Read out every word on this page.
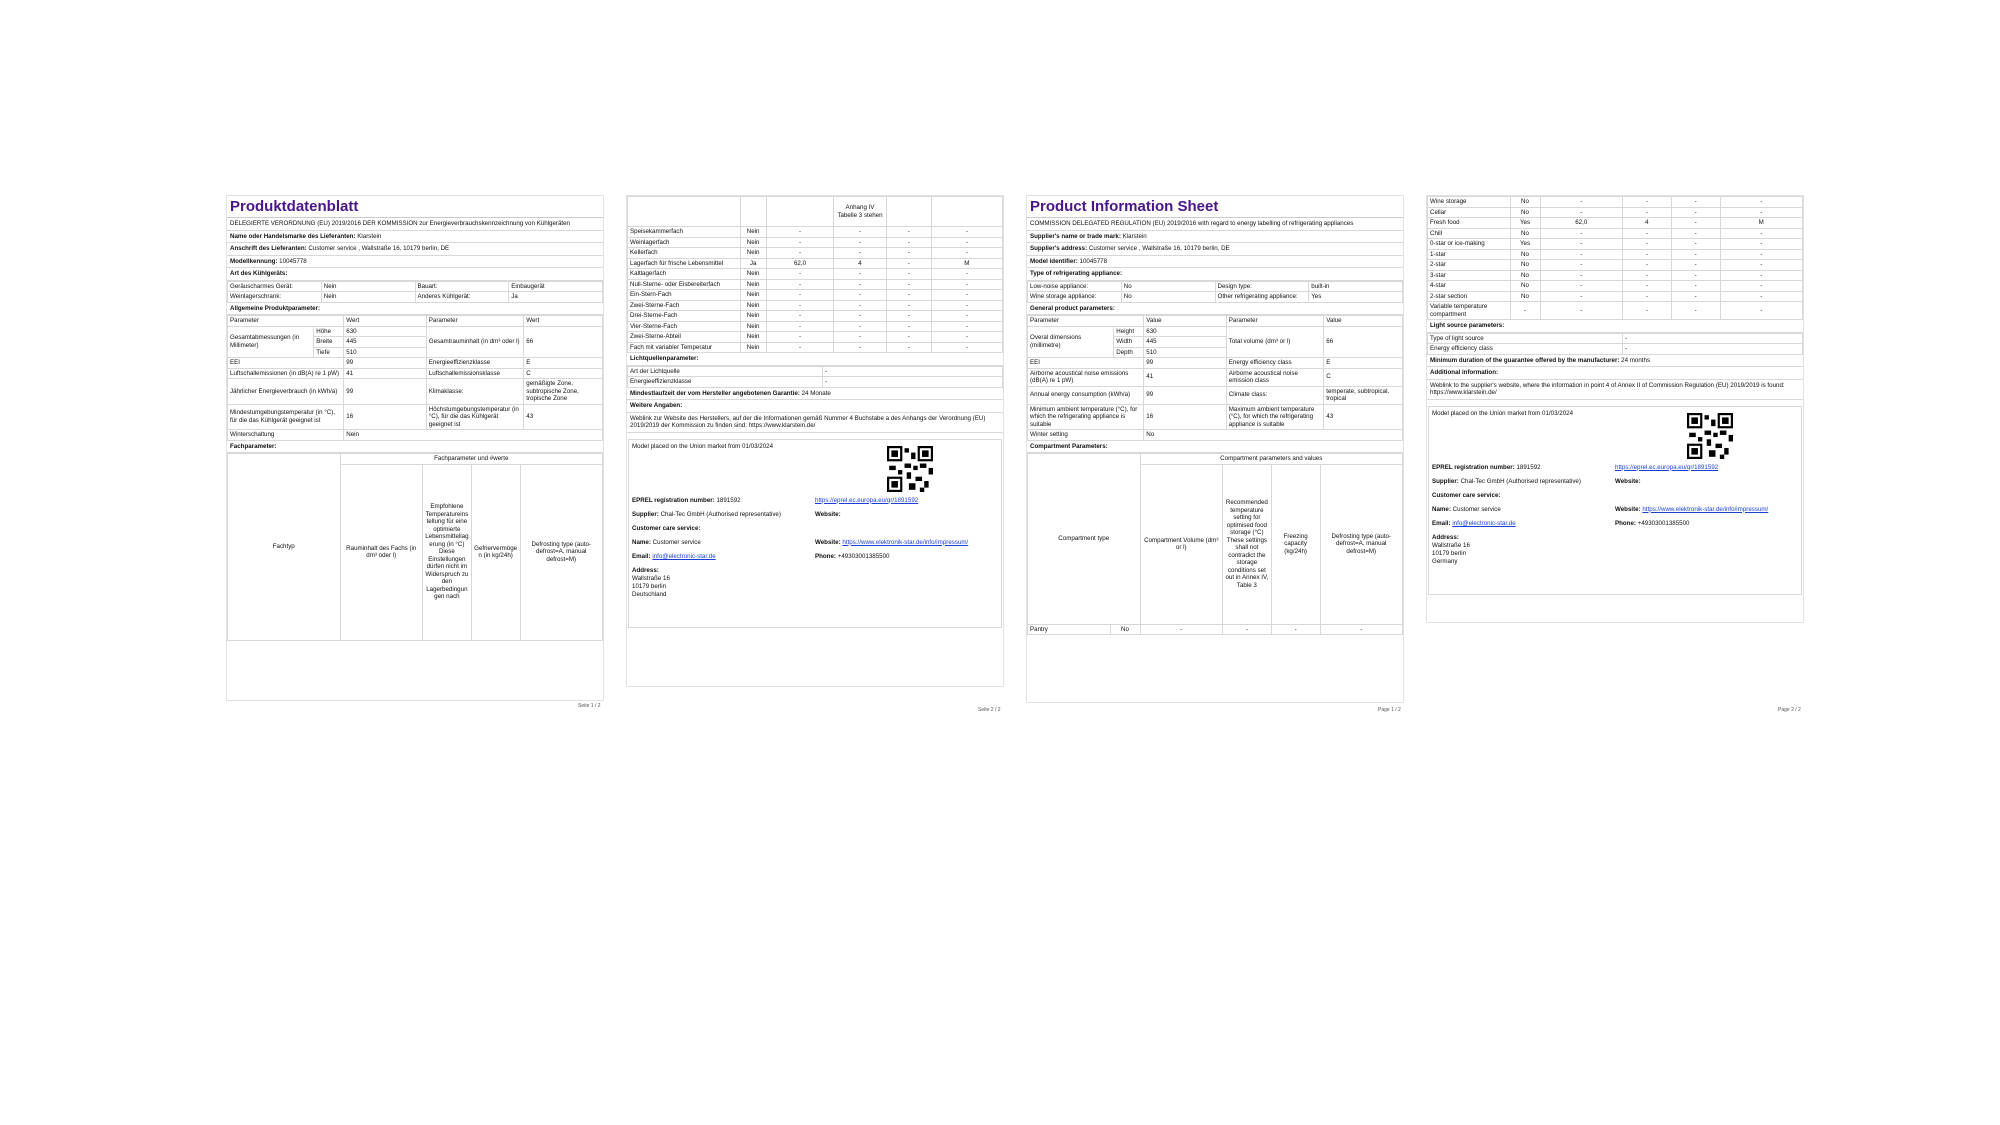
Produktdatenblatt
DELEGIERTE VERORDNUNG (EU) 2019/2016 DER KOMMISSION zur Energieverbrauchskennzeichnung von Kühlgeräten
Name oder Handelsmarke des Lieferanten: Klarstein
Anschrift des Lieferanten: Customer service , Wallstraße 16, 10179 berlin, DE
Modellkennung: 10045778
Art des Kühlgeräts:
Geräuscharmes Gerät:	Nein	Bauart:	Einbaugerät
Weinlagerschrank:	Nein	Anderes Kühlgerät:	Ja
Allgemeine Produktparameter:
Parameter		Wert	Parameter	Wert
Gesamtabmessungen (in Millimeter)	Höhe	630	Gesamtrauminhalt (in dm³ oder l)	66
	Breite	445		
	Tiefe	510		
EEI		99	Energieeffizienzklasse	E
Luftschallemissionen (in dB(A) re 1 pW)		41	Luftschallemissionsklasse	C
Jährlicher Energieverbrauch (in kWh/a)		99	Klimaklasse:	gemäßigte Zone, subtropische Zone, tropische Zone
Mindestumgebungstemperatur (in °C), für die das Kühlgerät geeignet ist		16	Höchstumgebungstemperatur (in °C), für die das Kühlgerät geeignet ist	43
Winterschaltung		Nein		
Fachparameter:
Fachtyp	Fachparameter und #werte			
	Rauminhalt des Fachs (in dm³ oder l)	Empfohlene Temperatureinstellung für eine optimierte Lebensmittellagerung (in °C) Diese Einstellungen dürfen nicht im Widerspruch zu den Lagerbedingungen nach	Gefriervermögen (in kg/24h)	Defrosting type (auto-defrost=A, manual defrost=M)
Seite 1 / 2
			Anhang IV Tabelle 3 stehen		
Speisekammerfach	Nein	-	-	-	-
Weinlagerfach	Nein	-	-	-	-
Kellerfach	Nein	-	-	-	-
Lagerfach für frische Lebensmittel	Ja	62,0	4	-	M
Kaltlagerfach	Nein	-	-	-	-
Null-Sterne- oder Eisbereiterfach	Nein	-	-	-	-
Ein-Stern-Fach	Nein	-	-	-	-
Zwei-Sterne-Fach	Nein	-	-	-	-
Drei-Sterne-Fach	Nein	-	-	-	-
Vier-Sterne-Fach	Nein	-	-	-	-
Zwei-Sterne-Abteil	Nein	-	-	-	-
Fach mit variabler Temperatur	Nein	-	-	-	-
Lichtquellenparameter:
Art der Lichtquelle	-
Energieeffizienzklasse	-
Mindestlaufzeit der vom Hersteller angebotenen Garantie: 24 Monate
Weitere Angaben:
Weblink zur Website des Herstellers, auf der die Informationen gemäß Nummer 4 Buchstabe a des Anhangs der Verordnung (EU) 2019/2019 der Kommission zu finden sind: https://www.klarstein.de/
Model placed on the Union market from 01/03/2024
EPREL registration number: 1891592	https://eprel.ec.europa.eu/qr/1891592
Supplier: Chal-Tec GmbH (Authorised representative)	Website:
Customer care service:
Name: Customer service	Website: https://www.elektronik-star.de/info/impressum/
Email: info@electronic-star.de	Phone: +49303001385500
Address:
Wallstraße 16
10179 berlin
Deutschland
Seite 2 / 2
Product Information Sheet
COMMISSION DELEGATED REGULATION (EU) 2019/2016 with regard to energy labelling of refrigerating appliances
Supplier's name or trade mark: Klarstein
Supplier's address: Customer service , Wallstraße 16, 10179 berlin, DE
Model identifier: 10045778
Type of refrigerating appliance:
Low-noise appliance:	No	Design type:	built-in
Wine storage appliance:	No	Other refrigerating appliance:	Yes
General product parameters:
Parameter		Value	Parameter	Value
Overal dimensions (millimetre)	Height	630	Total volume (dm³ or l)	66
	Width	445		
	Depth	510		
EEI		99	Energy efficiency class	E
Airborne acoustical noise emissions (dB(A) re 1 pW)		41	Airborne acoustical noise emission class	C
Annual energy consumption (kWh/a)		99	Climate class:	temperate, subtropical, tropical
Minimum ambient temperature (°C), for which the refrigerating appliance is suitable		16	Maximum ambient temperature (°C), for which the refrigerating appliance is suitable	43
Winter setting		No		
Compartment Parameters:
Compartment type		Compartment parameters and values			
		Compartment Volume (dm³ or l)	Recommended temperature setting for optimised food storage (°C) These settings shall not contradict the storage conditions set out in Annex IV, Table 3	Freezing capacity (kg/24h)	Defrosting type (auto-defrost=A, manual defrost=M)
Pantry	No	-	-	-	-
Page 1 / 2
Wine storage	No	-	-	-	-
Cellar	No	-	-	-	-
Fresh food	Yes	62,0	4	-	M
Chill	No	-	-	-	-
0-star or ice-making	Yes	-	-	-	-
1-star	No	-	-	-	-
2-star	No	-	-	-	-
3-star	No	-	-	-	-
4-star	No	-	-	-	-
2-star section	No	-	-	-	-
Variable temperature compartment	-	-	-	-	-
Light source parameters:
Type of light source	-
Energy efficiency class	-
Minimum duration of the guarantee offered by the manufacturer: 24 months
Additional information:
Weblink to the supplier's website, where the information in point 4 of Annex II of Commission Regulation (EU) 2019/2019 is found: https://www.klarstein.de/
Model placed on the Union market from 01/03/2024
EPREL registration number: 1891592	https://eprel.ec.europa.eu/qr/1891592
Supplier: Chal-Tec GmbH (Authorised representative)	Website:
Customer care service:
Name: Customer service	Website: https://www.elektronik-star.de/info/impressum/
Email: info@electronic-star.de	Phone: +49303001385500
Address:
Wallstraße 16
10179 berlin
Germany
Page 2 / 2
